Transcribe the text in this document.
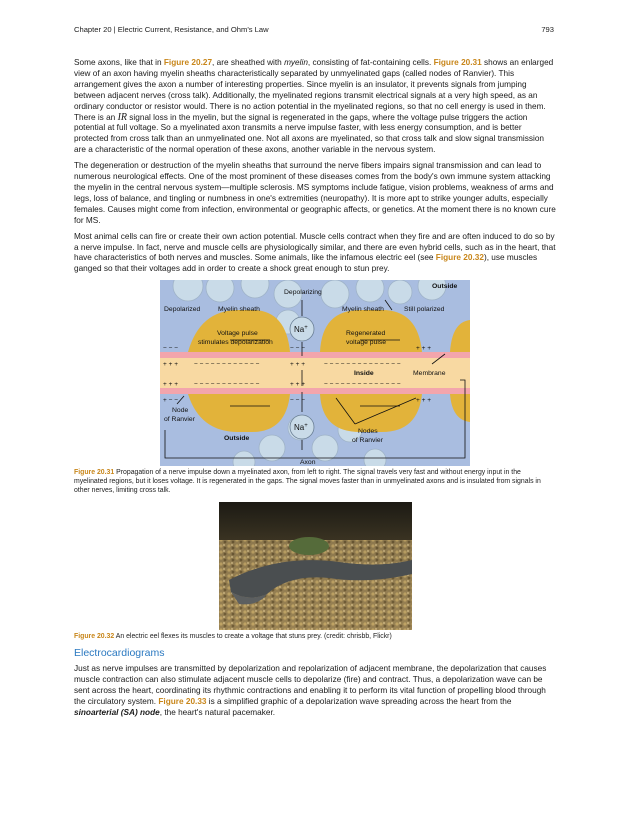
Chapter 20 | Electric Current, Resistance, and Ohm's Law	793

Some axons, like that in Figure 20.27, are sheathed with myelin, consisting of fat-containing cells. Figure 20.31 shows an enlarged view of an axon having myelin sheaths characteristically separated by unmyelinated gaps (called nodes of Ranvier). This arrangement gives the axon a number of interesting properties. Since myelin is an insulator, it prevents signals from jumping between adjacent nerves (cross talk). Additionally, the myelinated regions transmit electrical signals at a very high speed, as an ordinary conductor or resistor would. There is no action potential in the myelinated regions, so that no cell energy is used in them. There is an IR signal loss in the myelin, but the signal is regenerated in the gaps, where the voltage pulse triggers the action potential at full voltage. So a myelinated axon transmits a nerve impulse faster, with less energy consumption, and is better protected from cross talk than an unmyelinated one. Not all axons are myelinated, so that cross talk and slow signal transmission are a characteristic of the normal operation of these axons, another variable in the nervous system.

The degeneration or destruction of the myelin sheaths that surround the nerve fibers impairs signal transmission and can lead to numerous neurological effects. One of the most prominent of these diseases comes from the body's own immune system attacking the myelin in the central nervous system—multiple sclerosis. MS symptoms include fatigue, vision problems, weakness of arms and legs, loss of balance, and tingling or numbness in one's extremities (neuropathy). It is more apt to strike younger adults, especially females. Causes might come from infection, environmental or geographic affects, or genetics. At the moment there is no known cure for MS.

Most animal cells can fire or create their own action potential. Muscle cells contract when they fire and are often induced to do so by a nerve impulse. In fact, nerve and muscle cells are physiologically similar, and there are even hybrid cells, such as in the heart, that have characteristics of both nerves and muscles. Some animals, like the infamous electric eel (see Figure 20.32), use muscles ganged so that their voltages add in order to create a shock great enough to stun prey.

Outside
Depolarizing
Depolarized	Myelin sheath	Myelin sheath	Still polarized
Na+
Na+
Voltage pulse
stimulates depolarization
Regenerated
voltage pulse
Inside	Membrane
Node
of Ranvier
Nodes
of Ranvier
Outside
Axon
− − −	− − −	+ + +
+ + + − − − − − − − − − − − −	+ + +	− − − − − − − − − − − − − −
+ + + − − − − − − − − − − − −	+ + +	− − − − − − − − − − − − − −
+ − −	− − −	+ + +
Figure 20.31 Propagation of a nerve impulse down a myelinated axon, from left to right. The signal travels very fast and without energy input in the myelinated regions, but it loses voltage. It is regenerated in the gaps. The signal moves faster than in unmyelinated axons and is insulated from signals in other nerves, limiting cross talk.
Figure 20.32 An electric eel flexes its muscles to create a voltage that stuns prey. (credit: chrisbb, Flickr)
Electrocardiograms

Just as nerve impulses are transmitted by depolarization and repolarization of adjacent membrane, the depolarization that causes muscle contraction can also stimulate adjacent muscle cells to depolarize (fire) and contract. Thus, a depolarization wave can be sent across the heart, coordinating its rhythmic contractions and enabling it to perform its vital function of propelling blood through the circulatory system. Figure 20.33 is a simplified graphic of a depolarization wave spreading across the heart from the sinoarterial (SA) node, the heart's natural pacemaker.
